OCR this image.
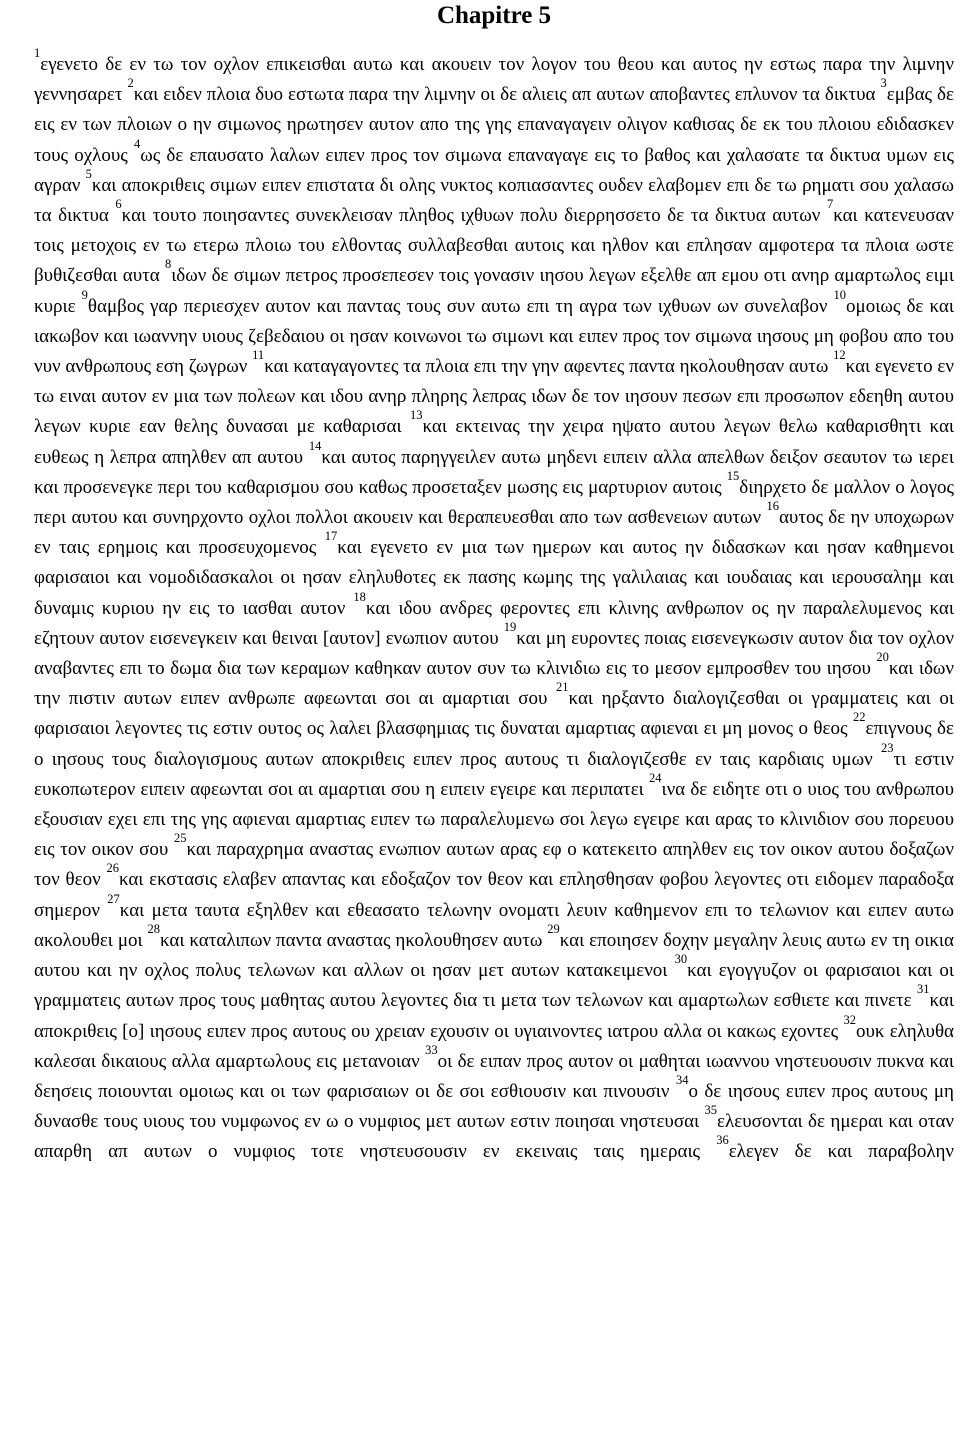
Chapitre 5

$^1$εγενετο δε εν τω τον οχλον επικεισθαι αυτω και ακουειν τον λογον του θεου και αυτος ην εστως παρα την λιμνην γεννησαρετ $^2$και ειδεν πλοια δυο εστωτα παρα την λιμνην οι δε αλιεις απ αυτων αποβαντες επλυνον τα δικτυα $^3$εμβας δε εις εν των πλοιων ο ην σιμωνος ηρωτησεν αυτον απο της γης επαναγαγειν ολιγον καθισας δε εκ του πλοιου εδιδασκεν τους οχλους $^4$ως δε επαυσατο λαλων ειπεν προς τον σιμωνα επαναγαγε εις το βαθος και χαλασατε τα δικτυα υμων εις αγραν $^5$και αποκριθεις σιμων ειπεν επιστατα δι ολης νυκτος κοπιασαντες ουδεν ελαβομεν επι δε τω ρηματι σου χαλασω τα δικτυα $^6$και τουτο ποιησαντες συνεκλεισαν πληθος ιχθυων πολυ διερρησσετο δε τα δικτυα αυτων $^7$και κατενευσαν τοις μετοχοις εν τω ετερω πλοιω του ελθοντας συλλαβεσθαι αυτοις και ηλθον και επλησαν αμφοτερα τα πλοια ωστε βυθιζεσθαι αυτα $^8$ιδων δε σιμων πετρος προσεπεσεν τοις γονασιν ιησου λεγων εξελθε απ εμου οτι ανηρ αμαρτωλος ειμι κυριε $^9$θαμβος γαρ περιεσχεν αυτον και παντας τους συν αυτω επι τη αγρα των ιχθυων ων συνελαβον $^{10}$ομοιως δε και ιακωβον και ιωαννην υιους ζεβεδαιου οι ησαν κοινωνοι τω σιμωνι και ειπεν προς τον σιμωνα ιησους μη φοβου απο του νυν ανθρωπους εση ζωγρων $^{11}$και καταγαγοντες τα πλοια επι την γην αφεντες παντα ηκολουθησαν αυτω $^{12}$και εγενετο εν τω ειναι αυτον εν μια των πολεων και ιδου ανηρ πληρης λεπρας ιδων δε τον ιησουν πεσων επι προσωπον εδεηθη αυτου λεγων κυριε εαν θελης δυνασαι με καθαρισαι $^{13}$και εκτεινας την χειρα ηψατο αυτου λεγων θελω καθαρισθητι και ευθεως η λεπρα απηλθεν απ αυτου $^{14}$και αυτος παρηγγειλεν αυτω μηδενι ειπειν αλλα απελθων δειξον σεαυτον τω ιερει και προσενεγκε περι του καθαρισμου σου καθως προσεταξεν μωσης εις μαρτυριον αυτοις $^{15}$διηρχετο δε μαλλον ο λογος περι αυτου και συνηρχοντο οχλοι πολλοι ακουειν και θεραπευεσθαι απο των ασθενειων αυτων $^{16}$αυτος δε ην υποχωρων εν ταις ερημοις και προσευχομενος $^{17}$και εγενετο εν μια των ημερων και αυτος ην διδασκων και ησαν καθημενοι φαρισαιοι και νομοδιδασκαλοι οι ησαν εληλυθοτες εκ πασης κωμης της γαλιλαιας και ιουδαιας και ιερουσαλημ και δυναμις κυριου ην εις το ιασθαι αυτον $^{18}$και ιδου ανδρες φεροντες επι κλινης ανθρωπον ος ην παραλελυμενος και εζητουν αυτον εισενεγκειν και θειναι [αυτον] ενωπιον αυτου $^{19}$και μη ευροντες ποιας εισενεγκωσιν αυτον δια τον οχλον αναβαντες επι το δωμα δια των κεραμων καθηκαν αυτον συν τω κλινιδιω εις το μεσον εμπροσθεν του ιησου $^{20}$και ιδων την πιστιν αυτων ειπεν ανθρωπε αφεωνται σοι αι αμαρτιαι σου $^{21}$και ηρξαντο διαλογιζεσθαι οι γραμματεις και οι φαρισαιοι λεγοντες τις εστιν ουτος ος λαλει βλασφημιας τις δυναται αμαρτιας αφιεναι ει μη μονος ο θεος $^{22}$επιγνους δε ο ιησους τους διαλογισμους αυτων αποκριθεις ειπεν προς αυτους τι διαλογιζεσθε εν ταις καρδιαις υμων $^{23}$τι εστιν ευκοπωτερον ειπειν αφεωνται σοι αι αμαρτιαι σου η ειπειν εγειρε και περιπατει $^{24}$ινα δε ειδητε οτι ο υιος του ανθρωπου εξουσιαν εχει επι της γης αφιεναι αμαρτιας ειπεν τω παραλελυμενω σοι λεγω εγειρε και αρας το κλινιδιον σου πορευου εις τον οικον σου $^{25}$και παραχρημα αναστας ενωπιον αυτων αρας εφ ο κατεκειτο απηλθεν εις τον οικον αυτου δοξαζων τον θεον $^{26}$και εκστασις ελαβεν απαντας και εδοξαζον τον θεον και επλησθησαν φοβου λεγοντες οτι ειδομεν παραδοξα σημερον $^{27}$και μετα ταυτα εξηλθεν και εθεασατο τελωνην ονοματι λευιν καθημενον επι το τελωνιον και ειπεν αυτω ακολουθει μοι $^{28}$και καταλιπων παντα αναστας ηκολουθησεν αυτω $^{29}$και εποιησεν δοχην μεγαλην λευις αυτω εν τη οικια αυτου και ην οχλος πολυς τελωνων και αλλων οι ησαν μετ αυτων κατακειμενοι $^{30}$και εγογγυζον οι φαρισαιοι και οι γραμματεις αυτων προς τους μαθητας αυτου λεγοντες δια τι μετα των τελωνων και αμαρτωλων εσθιετε και πινετε $^{31}$και αποκριθεις [ο] ιησους ειπεν προς αυτους ου χρειαν εχουσιν οι υγιαινοντες ιατρου αλλα οι κακως εχοντες $^{32}$ουκ εληλυθα καλεσαι δικαιους αλλα αμαρτωλους εις μετανοιαν $^{33}$οι δε ειπαν προς αυτον οι μαθηται ιωαννου νηστευουσιν πυκνα και δεησεις ποιουνται ομοιως και οι των φαρισαιων οι δε σοι εσθιουσιν και πινουσιν $^{34}$ο δε ιησους ειπεν προς αυτους μη δυνασθε τους υιους του νυμφωνος εν ω ο νυμφιος μετ αυτων εστιν ποιησαι νηστευσαι $^{35}$ελευσονται δε ημεραι και οταν απαρθη απ αυτων ο νυμφιος τοτε νηστευσουσιν εν εκειναις ταις ημεραις $^{36}$ελεγεν δε και παραβολην
